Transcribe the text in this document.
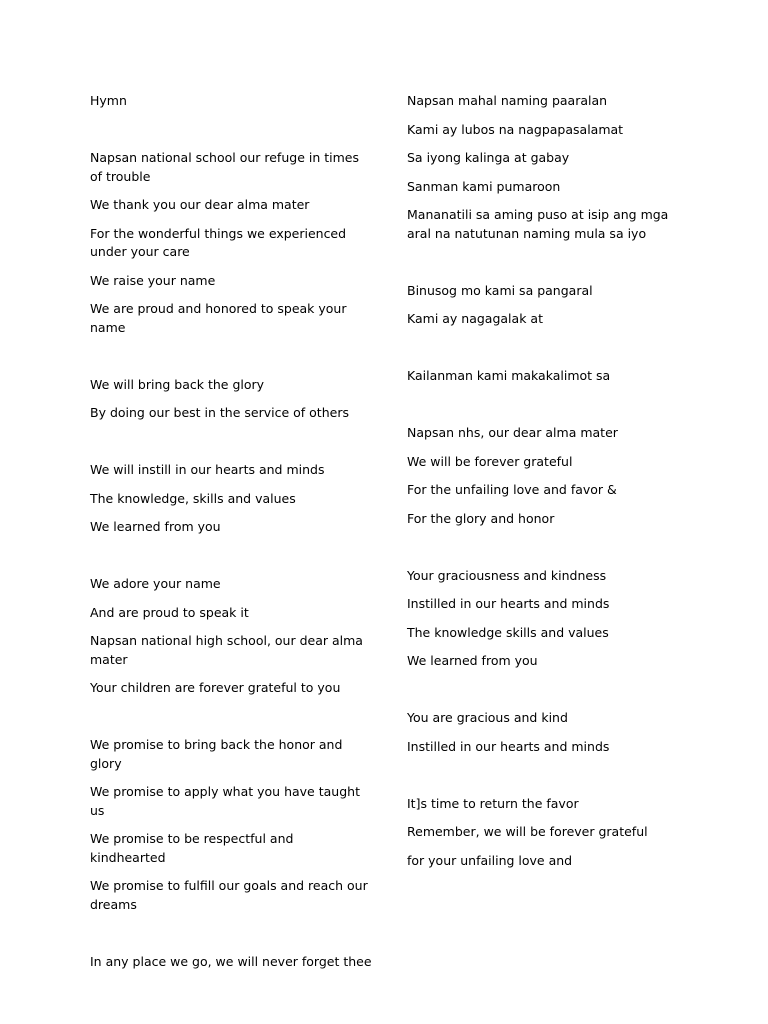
Hymn
Napsan national school our refuge in times of trouble
We thank you our dear alma mater
For the wonderful things we experienced under your care
We raise your name
We are proud and honored to speak your name
We will bring back the glory
By doing our best in the service of others
We will instill in our hearts and minds
The knowledge, skills and values
We learned from you
We adore your name
And are proud to speak it
Napsan national high school, our dear alma mater
Your children are forever grateful to you
We promise to bring back the honor and glory
We promise to apply what you have taught us
We promise to be respectful and kindhearted
We promise to fulfill our goals and reach our dreams
In any place we go, we will never forget thee
Napsan mahal naming paaralan
Kami ay lubos na nagpapasalamat
Sa iyong kalinga at gabay
Sanman kami pumaroon
Mananatili sa aming puso at isip ang mga aral na natutunan naming mula sa iyo
Binusog mo kami sa pangaral
Kami ay nagagalak at
Kailanman kami makakalimot sa
Napsan nhs, our dear alma mater
We will be forever grateful
For the unfailing love and favor &
For the glory and honor
Your graciousness and kindness
Instilled in our hearts and minds
The knowledge skills and values
We learned from you
You are gracious and kind
Instilled in our hearts and minds
It]s time to return the favor
Remember, we will be forever grateful
for your unfailing love and
